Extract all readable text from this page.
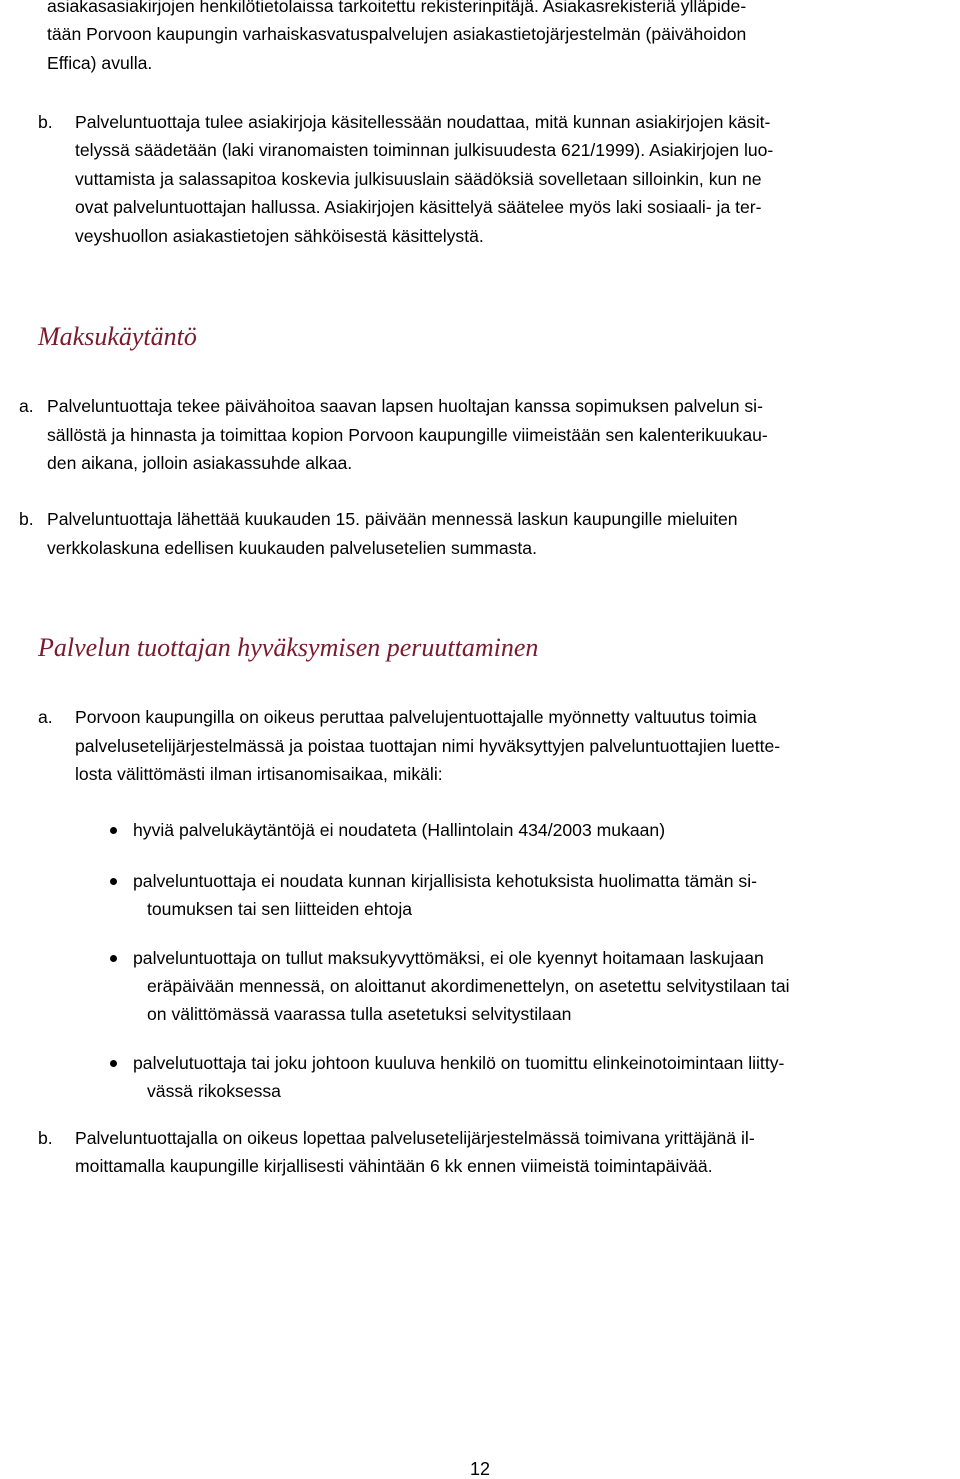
asiakasasiakirjojen henkilötietolaissa tarkoitettu rekisterinpitäjä. Asiakasrekisteriä ylläpide-
tään Porvoon kaupungin varhaiskasvatuspalvelujen asiakastietojärjestelmän (päivähoidon
Effica) avulla.
b. Palveluntuottaja tulee asiakirjoja käsitellessään noudattaa, mitä kunnan asiakirjojen käsit-
telyssä säädetään (laki viranomaisten toiminnan julkisuudesta 621/1999). Asiakirjojen luo-
vuttamista ja salassapitoa koskevia julkisuuslain säädöksiä sovelletaan silloinkin, kun ne
ovat palveluntuottajan hallussa. Asiakirjojen käsittelyä säätelee myös laki sosiaali- ja ter-
veyshuollon asiakastietojen sähköisestä käsittelystä.
Maksukäytäntö
a. Palveluntuottaja tekee päivähoitoa saavan lapsen huoltajan kanssa sopimuksen palvelun si-
sällöstä ja hinnasta ja toimittaa kopion Porvoon kaupungille viimeistään sen kalenterikuukau-
den aikana, jolloin asiakassuhde alkaa.
b. Palveluntuottaja lähettää kuukauden 15. päivään mennessä laskun kaupungille mieluiten
verkkolaskuna edellisen kuukauden palvelusetelien summasta.
Palvelun tuottajan hyväksymisen peruuttaminen
a. Porvoon kaupungilla on oikeus peruttaa palvelujentuottajalle myönnetty valtuutus toimia
palvelusetelijärjestelmässä ja poistaa tuottajan nimi hyväksyttyjen palveluntuottajien luette-
losta välittömästi ilman irtisanomisaikaa, mikäli:
hyviä palvelukäytäntöjä ei noudateta (Hallintolain 434/2003 mukaan)
palveluntuottaja ei noudata kunnan kirjallisista kehotuksista huolimatta tämän si-
toumuksen tai sen liitteiden ehtoja
palveluntuottaja on tullut maksukyvyttömäksi, ei ole kyennyt hoitamaan laskujaan
eräpäivään mennessä, on aloittanut akordimenettelyn, on asetettu selvitystilaan tai
on välittömässä vaarassa tulla asetetuksi selvitystilaan
palvelutuottaja tai joku johtoon kuuluva henkilö on tuomittu elinkeinotoimintaan liitty-
vässä rikoksessa
b. Palveluntuottajalla on oikeus lopettaa palvelusetelijärjestelmässä toimivana yrittäjänä il-
moittamalla kaupungille kirjallisesti vähintään 6 kk ennen viimeistä toimintapäivää.
12
